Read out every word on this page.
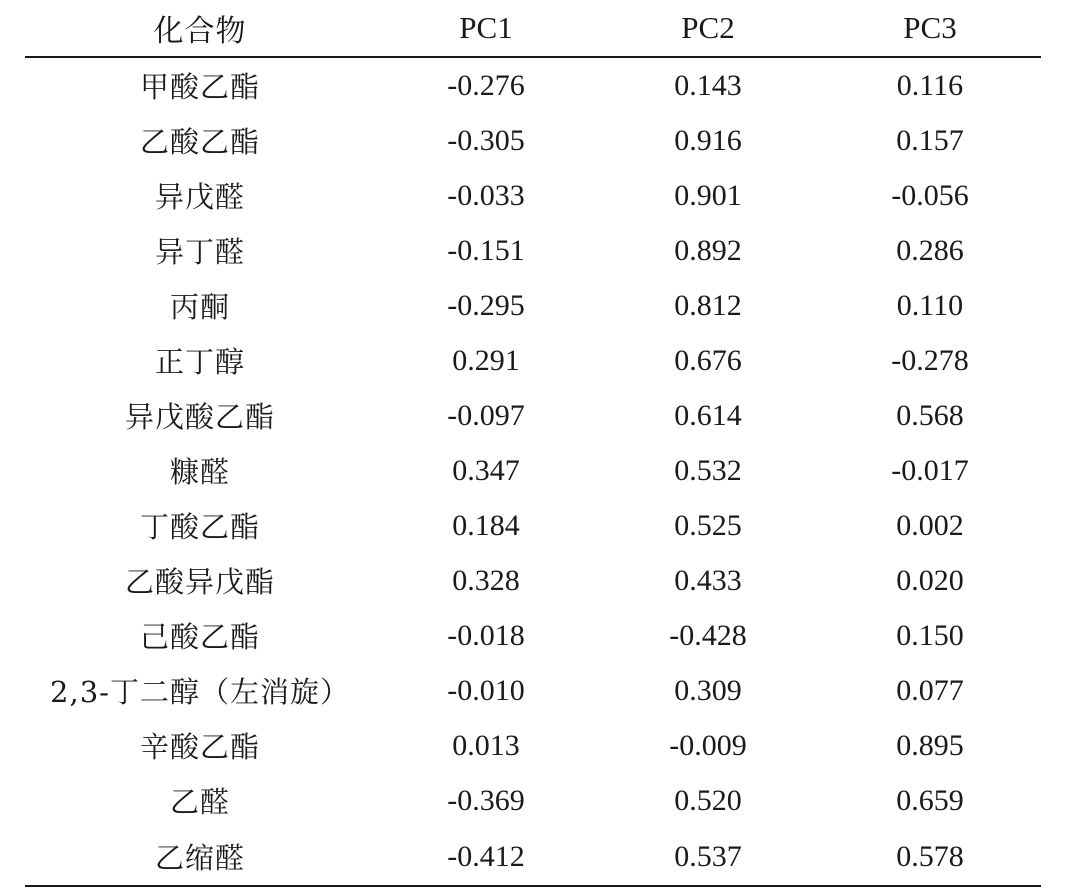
化合物	PC1	PC2	PC3
甲酸乙酯	-0.276	0.143	0.116
乙酸乙酯	-0.305	0.916	0.157
异戊醛	-0.033	0.901	-0.056
异丁醛	-0.151	0.892	0.286
丙酮	-0.295	0.812	0.110
正丁醇	0.291	0.676	-0.278
异戊酸乙酯	-0.097	0.614	0.568
糠醛	0.347	0.532	-0.017
丁酸乙酯	0.184	0.525	0.002
乙酸异戊酯	0.328	0.433	0.020
己酸乙酯	-0.018	-0.428	0.150
2,3-丁二醇（左消旋）	-0.010	0.309	0.077
辛酸乙酯	0.013	-0.009	0.895
乙醛	-0.369	0.520	0.659
乙缩醛	-0.412	0.537	0.578
